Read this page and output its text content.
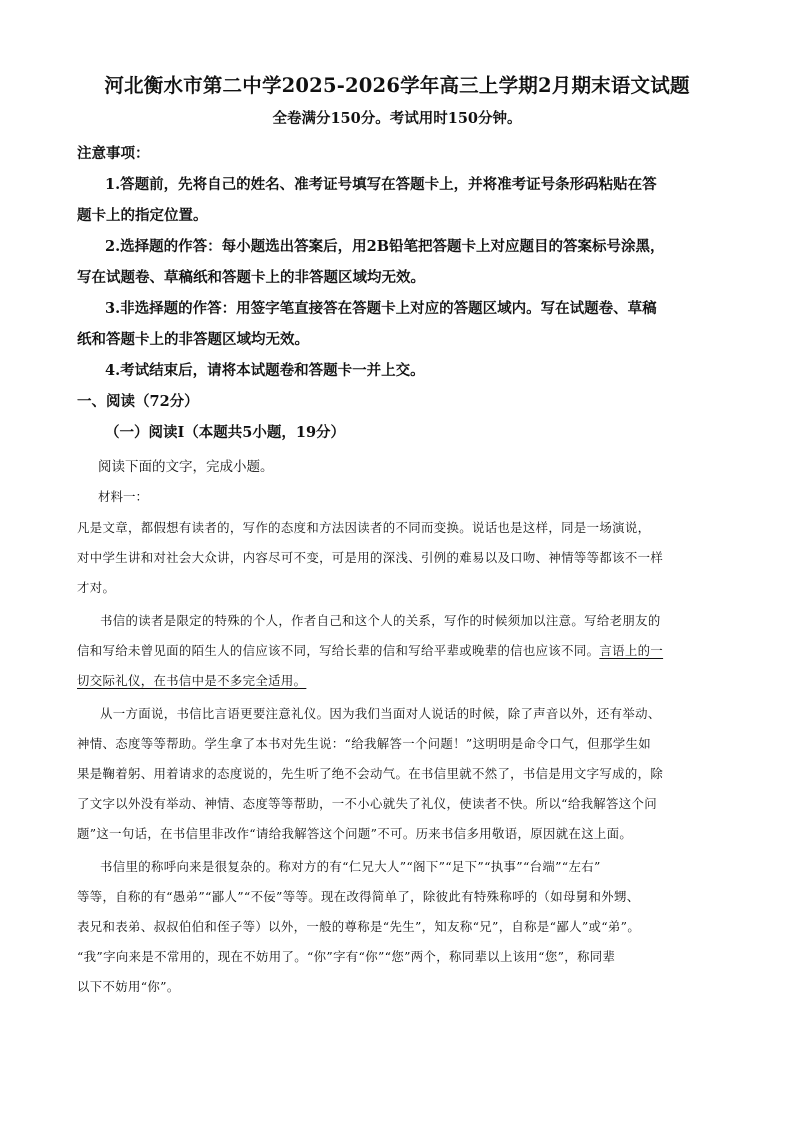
河北衡水市第二中学2025-2026学年高三上学期2月期末语文试题
全卷满分150分。考试用时150分钟。
注意事项：
1.答题前，先将自己的姓名、准考证号填写在答题卡上，并将准考证号条形码粘贴在答
题卡上的指定位置。
2.选择题的作答：每小题选出答案后，用2B铅笔把答题卡上对应题目的答案标号涂黑，
写在试题卷、草稿纸和答题卡上的非答题区域均无效。
3.非选择题的作答：用签字笔直接答在答题卡上对应的答题区域内。写在试题卷、草稿
纸和答题卡上的非答题区域均无效。
4.考试结束后，请将本试题卷和答题卡一并上交。
一、阅读（72分）
（一）阅读Ⅰ（本题共5小题，19分）
阅读下面的文字，完成小题。
材料一：
凡是文章，都假想有读者的，写作的态度和方法因读者的不同而变换。说话也是这样，同是一场演说，
对中学生讲和对社会大众讲，内容尽可不变，可是用的深浅、引例的难易以及口吻、神情等等都该不一样
才对。
书信的读者是限定的特殊的个人，作者自己和这个人的关系，写作的时候须加以注意。写给老朋友的
信和写给未曾见面的陌生人的信应该不同，写给长辈的信和写给平辈或晚辈的信也应该不同。言语上的一
切交际礼仪，在书信中是不多完全适用。
从一方面说，书信比言语更要注意礼仪。因为我们当面对人说话的时候，除了声音以外，还有举动、
神情、态度等等帮助。学生拿了本书对先生说：“给我解答一个问题！”这明明是命令口气，但那学生如
果是鞠着躬、用着请求的态度说的，先生听了绝不会动气。在书信里就不然了，书信是用文字写成的，除
了文字以外没有举动、神情、态度等等帮助，一不小心就失了礼仪，使读者不快。所以“给我解答这个问
题”这一句话，在书信里非改作“请给我解答这个问题”不可。历来书信多用敬语，原因就在这上面。
书信里的称呼向来是很复杂的。称对方的有“仁兄大人”“阁下”“足下”“执事”“台端”“左右”
等等，自称的有“愚弟”“鄙人”“不佞”等等。现在改得简单了，除彼此有特殊称呼的（如母舅和外甥、
表兄和表弟、叔叔伯伯和侄子等）以外，一般的尊称是“先生”，知友称“兄”，自称是“鄙人”或“弟”。
“我”字向来是不常用的，现在不妨用了。“你”字有“你”“您”两个，称同辈以上该用“您”，称同辈
以下不妨用“你”。
